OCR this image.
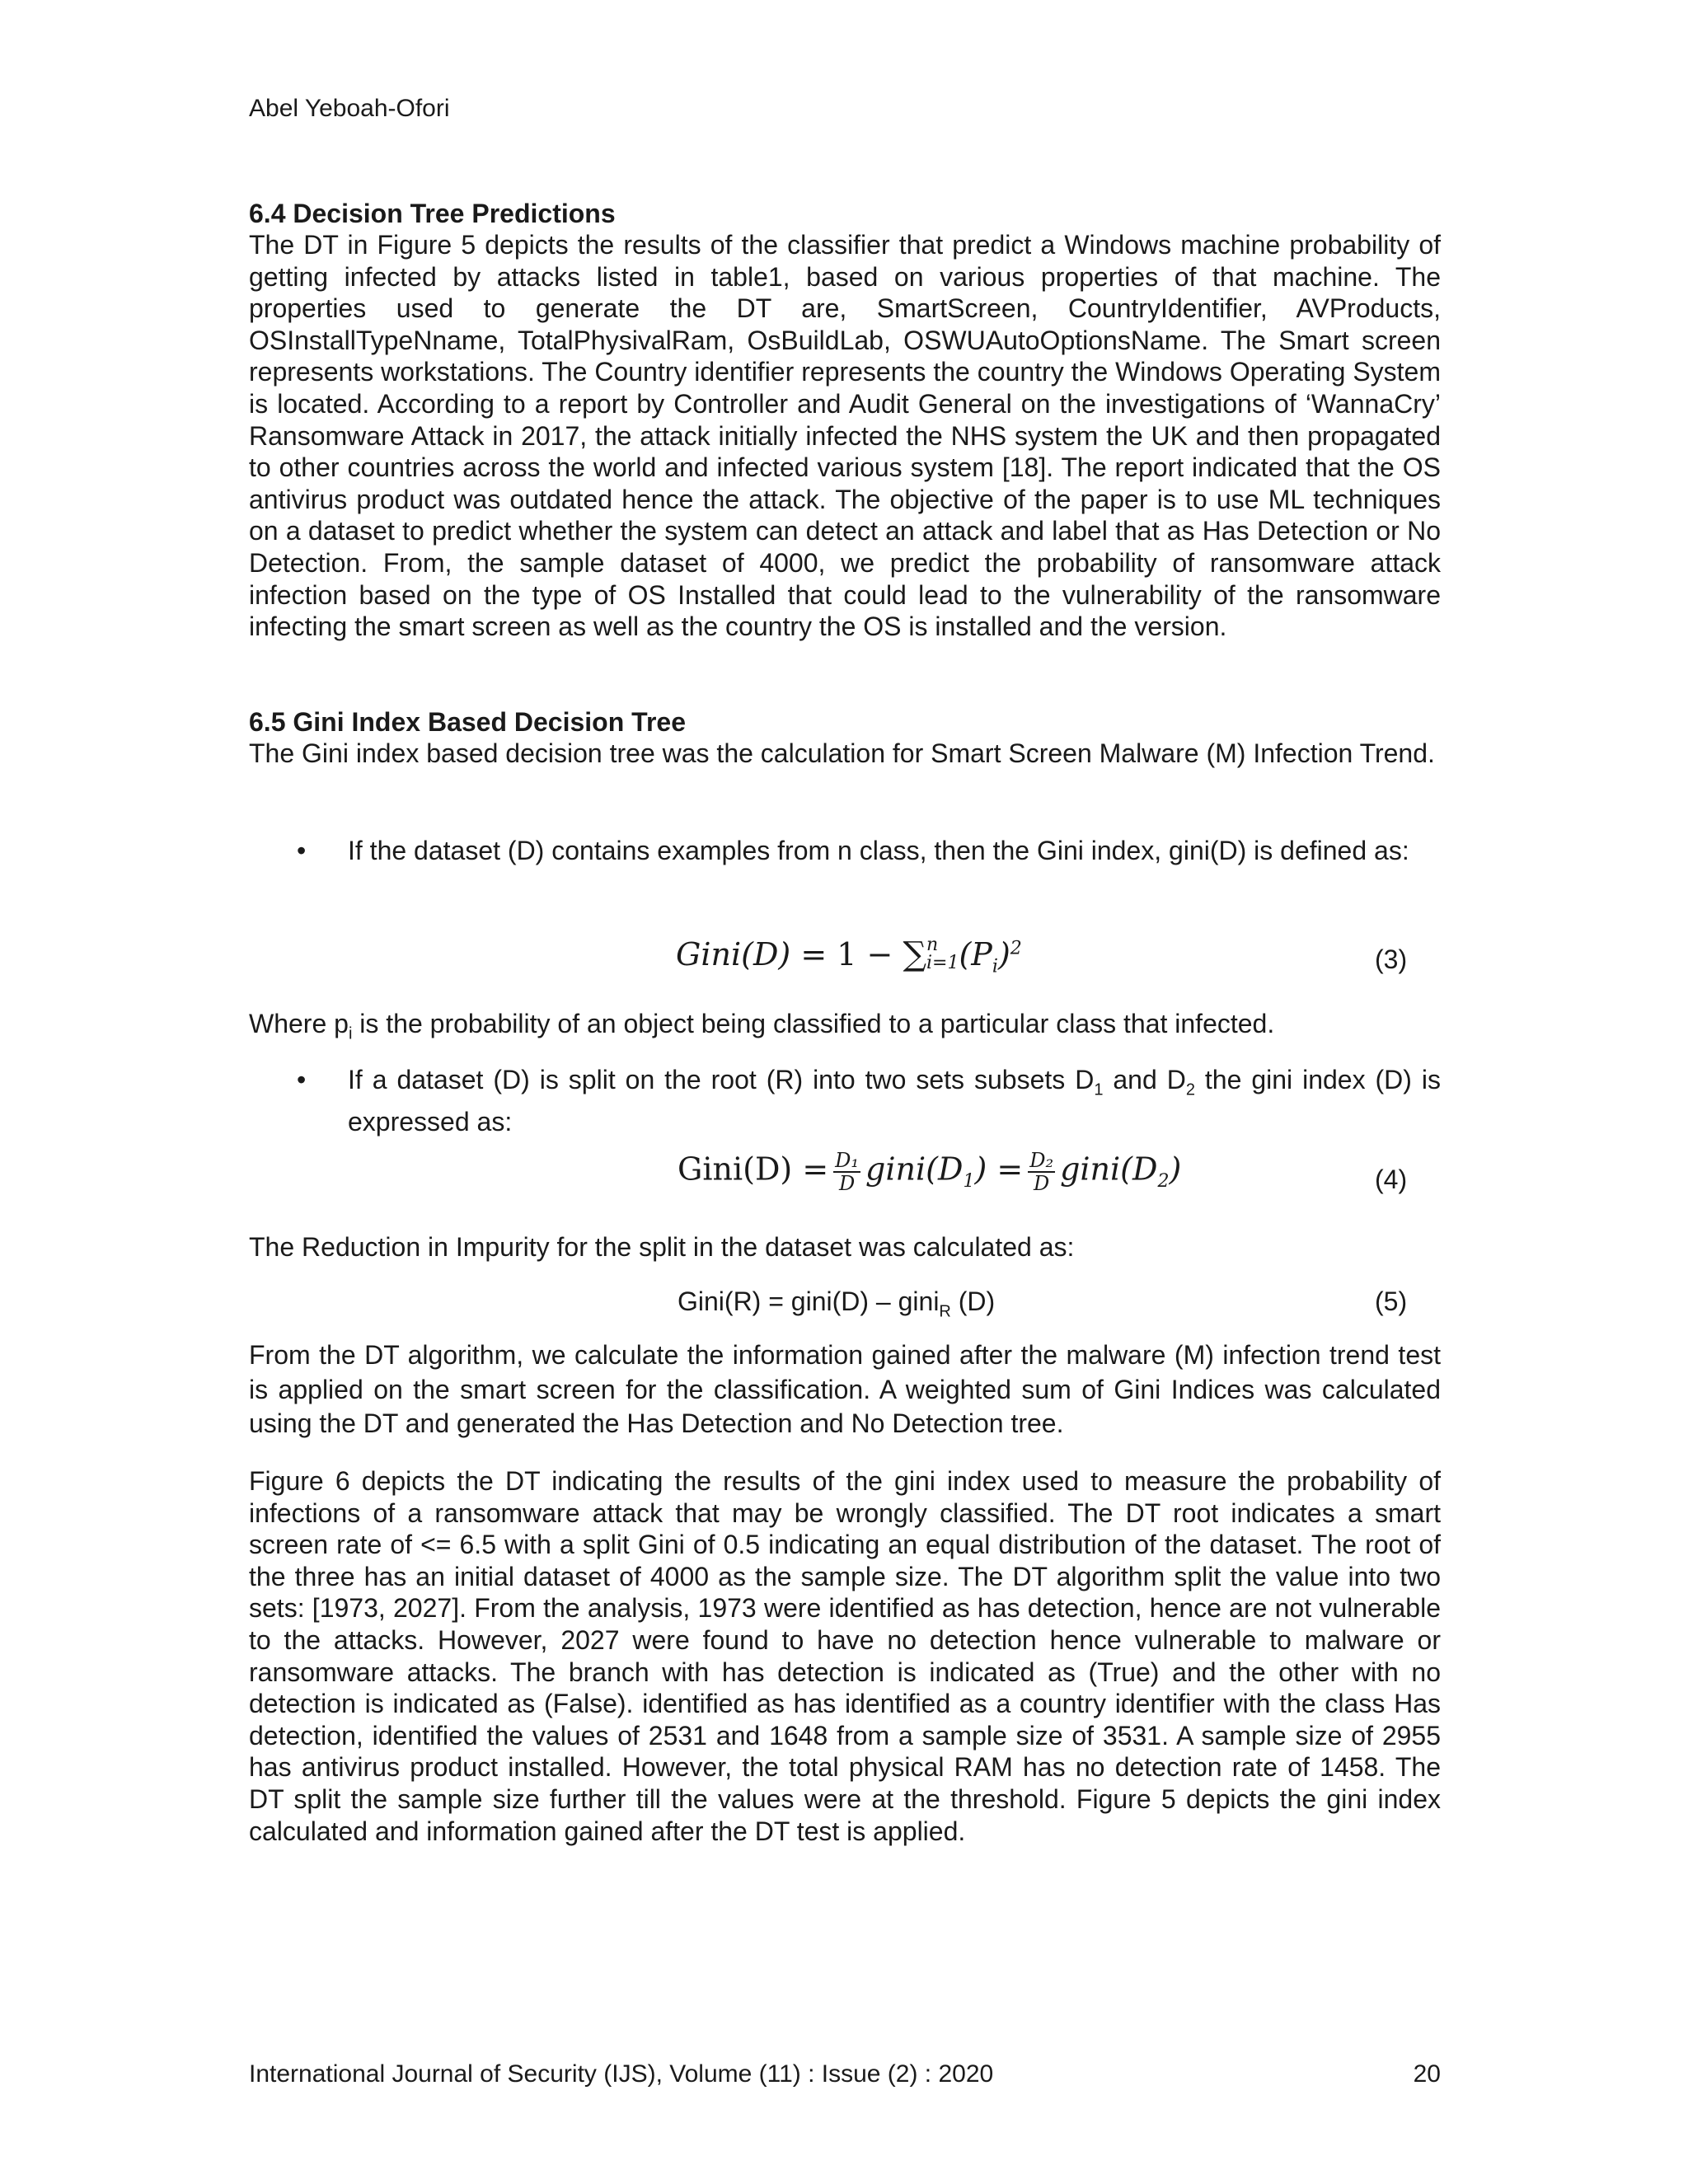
Abel Yeboah-Ofori

6.4 Decision Tree Predictions

The DT in Figure 5 depicts the results of the classifier that predict a Windows machine probability of getting infected by attacks listed in table1, based on various properties of that machine. The properties used to generate the DT are, SmartScreen, CountryIdentifier, AVProducts, OSInstallTypeNname, TotalPhysivalRam, OsBuildLab, OSWUAutoOptionsName. The Smart screen represents workstations. The Country identifier represents the country the Windows Operating System is located. According to a report by Controller and Audit General on the investigations of ‘WannaCry’ Ransomware Attack in 2017, the attack initially infected the NHS system the UK and then propagated to other countries across the world and infected various system [18]. The report indicated that the OS antivirus product was outdated hence the attack. The objective of the paper is to use ML techniques on a dataset to predict whether the system can detect an attack and label that as Has Detection or No Detection. From, the sample dataset of 4000, we predict the probability of ransomware attack infection based on the type of OS Installed that could lead to the vulnerability of the ransomware infecting the smart screen as well as the country the OS is installed and the version.

6.5 Gini Index Based Decision Tree

The Gini index based decision tree was the calculation for Smart Screen Malware (M) Infection Trend.

• If the dataset (D) contains examples from n class, then the Gini index, gini(D) is defined as:
Gini(D) = 1 − ∑ n
i=1 $(P_i)^2$	(3)

Where $p_i$ is the probability of an object being classified to a particular class that infected.

• If a dataset (D) is split on the root (R) into two sets subsets $D_1$ and $D_2$ the gini index (D) is expressed as:
Gini(D) = $\frac{\text{D₁}}{D}$ $gini(D_1) = \frac{\text{D₂}}{D}$ $gini(D_2)$	(4)

The Reduction in Impurity for the split in the dataset was calculated as:

Gini(R) = gini(D) – gini$_R$ (D)	(5)

From the DT algorithm, we calculate the information gained after the malware (M) infection trend test is applied on the smart screen for the classification. A weighted sum of Gini Indices was calculated using the DT and generated the Has Detection and No Detection tree.

Figure 6 depicts the DT indicating the results of the gini index used to measure the probability of infections of a ransomware attack that may be wrongly classified. The DT root indicates a smart screen rate of <= 6.5 with a split Gini of 0.5 indicating an equal distribution of the dataset. The root of the three has an initial dataset of 4000 as the sample size. The DT algorithm split the value into two sets: [1973, 2027]. From the analysis, 1973 were identified as has detection, hence are not vulnerable to the attacks. However, 2027 were found to have no detection hence vulnerable to malware or ransomware attacks. The branch with has detection is indicated as (True) and the other with no detection is indicated as (False). identified as has identified as a country identifier with the class Has detection, identified the values of 2531 and 1648 from a sample size of 3531. A sample size of 2955 has antivirus product installed. However, the total physical RAM has no detection rate of 1458. The DT split the sample size further till the values were at the threshold. Figure 5 depicts the gini index calculated and information gained after the DT test is applied.

International Journal of Security (IJS), Volume (11) : Issue (2) : 2020	20
